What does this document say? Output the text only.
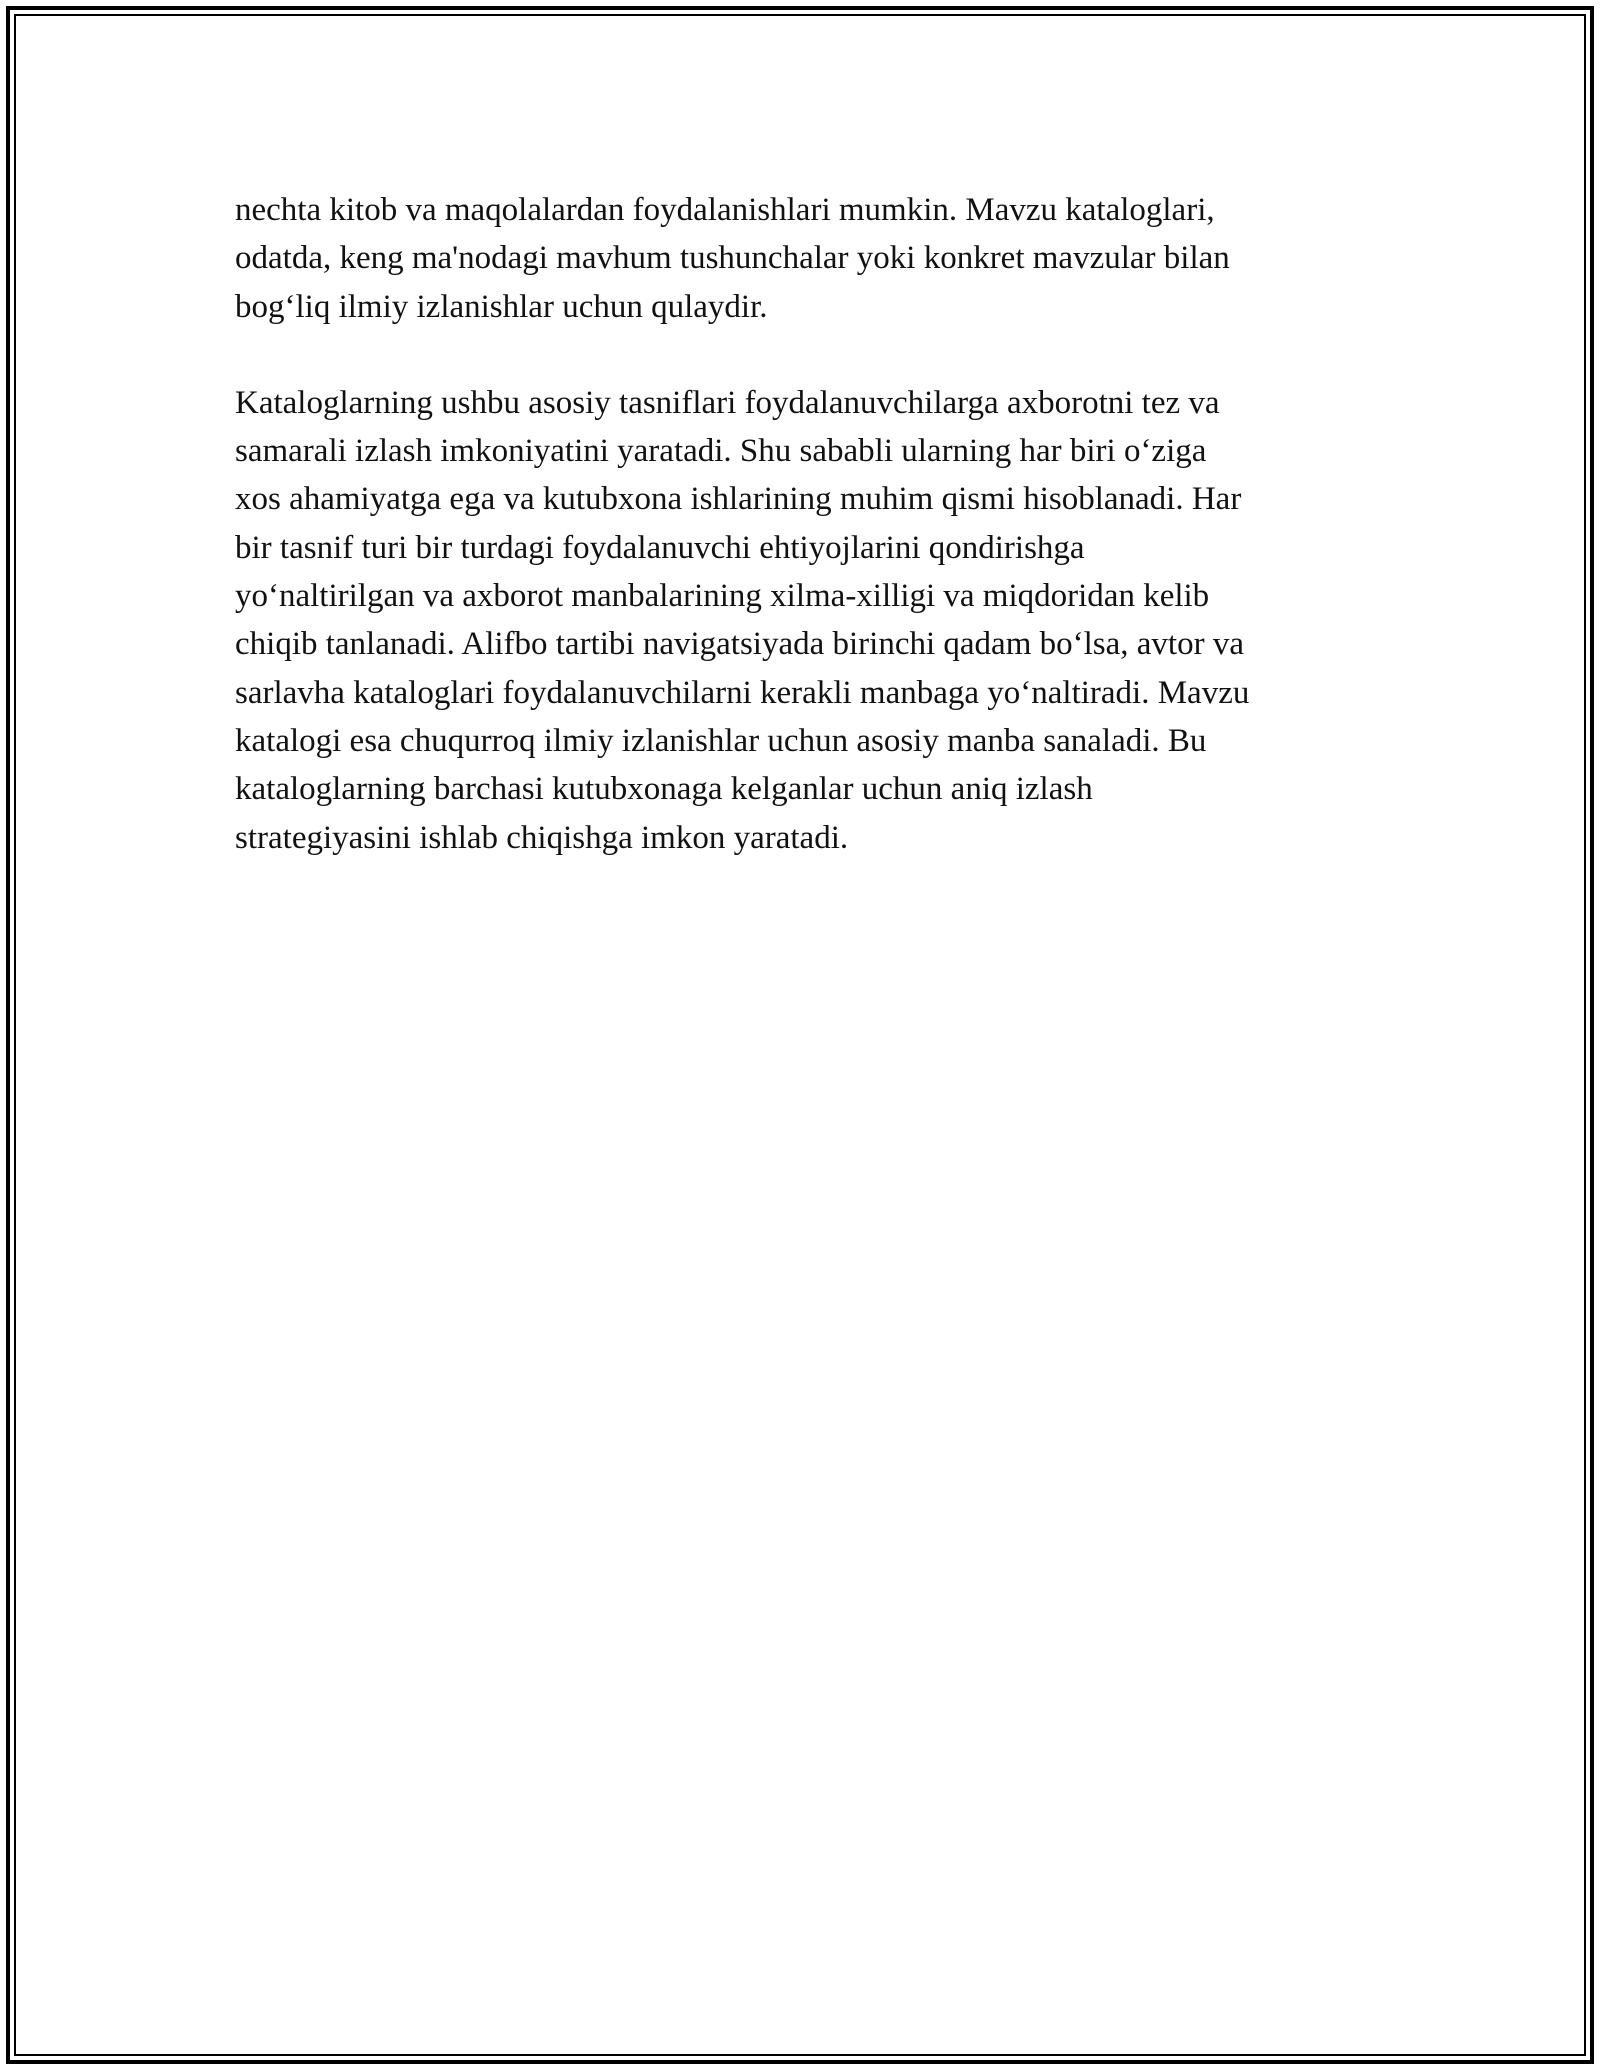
nechta kitob va maqolalardan foydalanishlari mumkin. Mavzu kataloglari,
odatda, keng ma'nodagi mavhum tushunchalar yoki konkret mavzular bilan
bog‘liq ilmiy izlanishlar uchun qulaydir.

Kataloglarning ushbu asosiy tasniflari foydalanuvchilarga axborotni tez va
samarali izlash imkoniyatini yaratadi. Shu sababli ularning har biri o‘ziga
xos ahamiyatga ega va kutubxona ishlarining muhim qismi hisoblanadi. Har
bir tasnif turi bir turdagi foydalanuvchi ehtiyojlarini qondirishga
yo‘naltirilgan va axborot manbalarining xilma-xilligi va miqdoridan kelib
chiqib tanlanadi. Alifbo tartibi navigatsiyada birinchi qadam bo‘lsa, avtor va
sarlavha kataloglari foydalanuvchilarni kerakli manbaga yo‘naltiradi. Mavzu
katalogi esa chuqurroq ilmiy izlanishlar uchun asosiy manba sanaladi. Bu
kataloglarning barchasi kutubxonaga kelganlar uchun aniq izlash
strategiyasini ishlab chiqishga imkon yaratadi.
